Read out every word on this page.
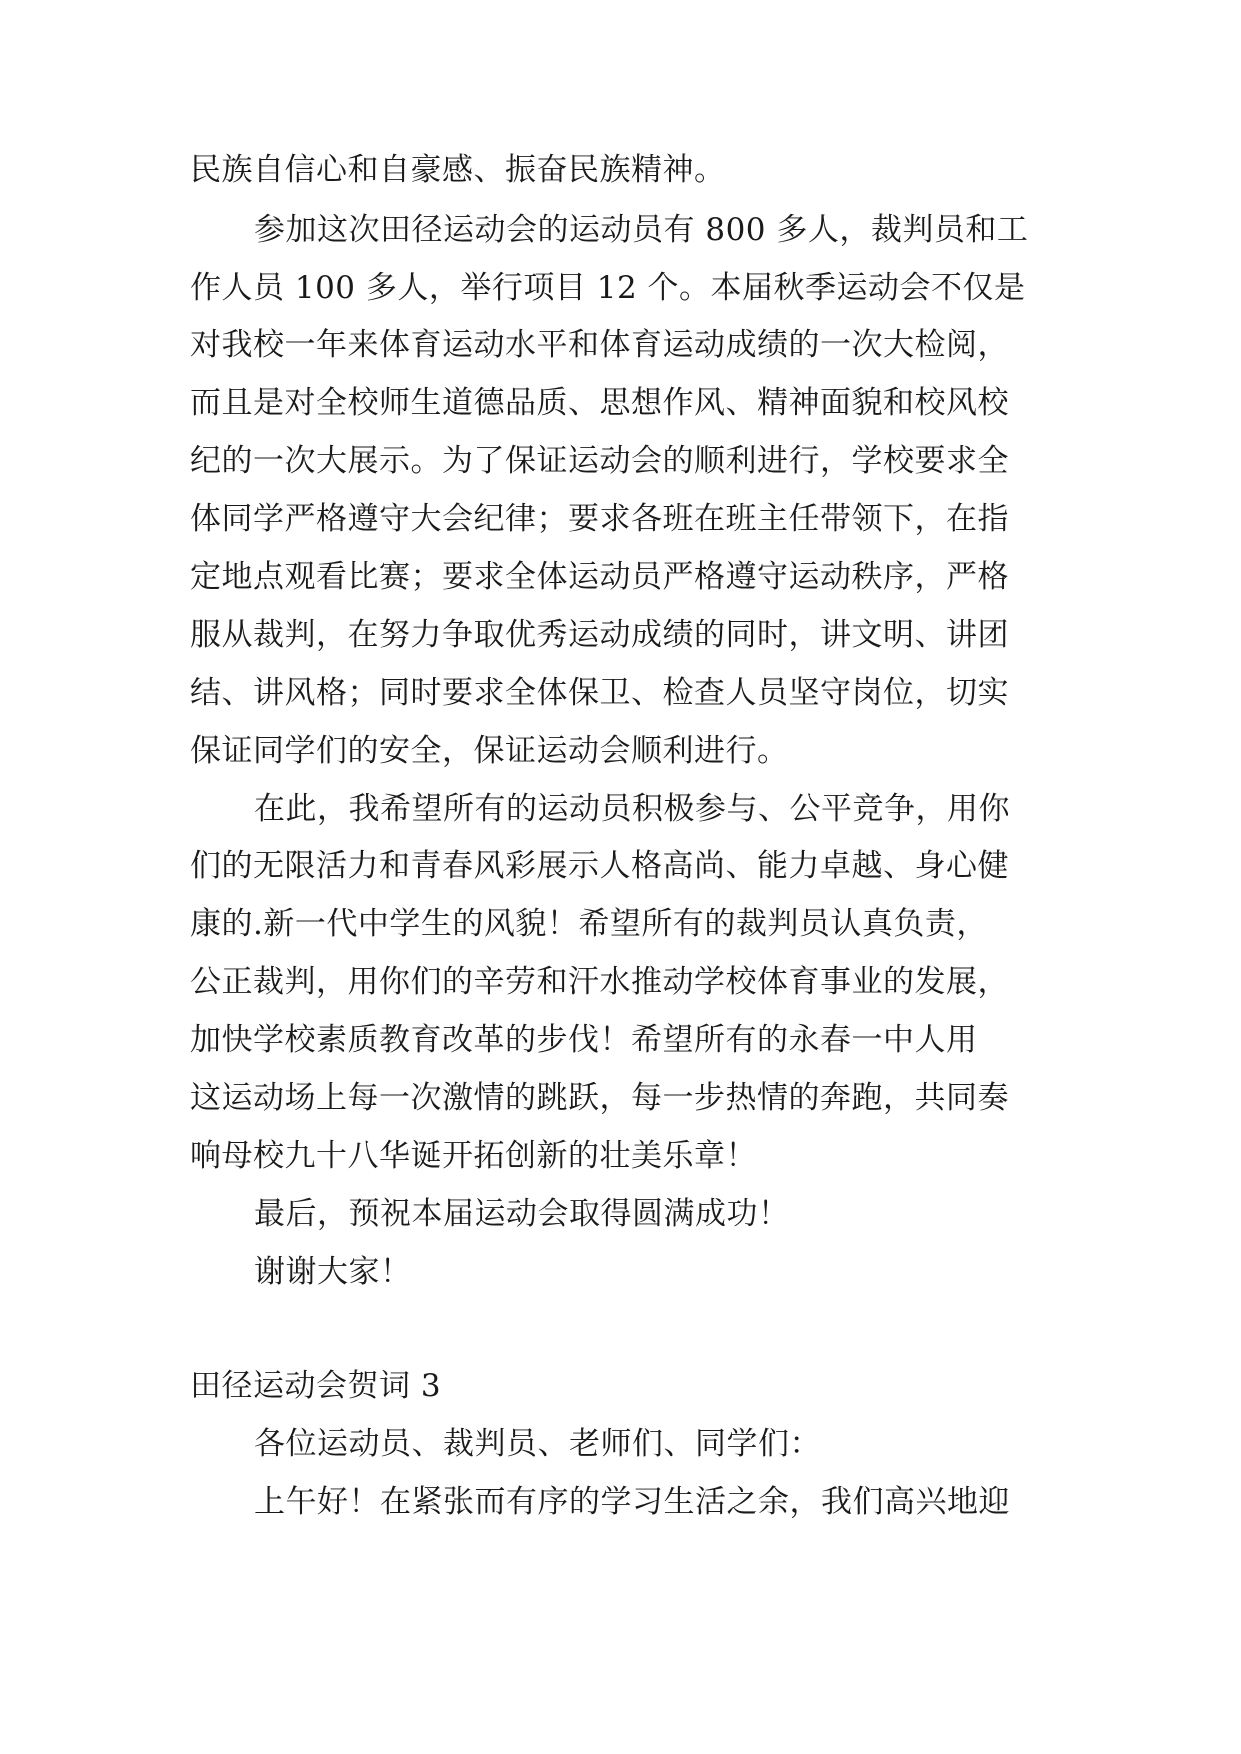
民族自信心和自豪感、振奋民族精神。
参加这次田径运动会的运动员有 800 多人，裁判员和工
作人员 100 多人，举行项目 12 个。本届秋季运动会不仅是
对我校一年来体育运动水平和体育运动成绩的一次大检阅，
而且是对全校师生道德品质、思想作风、精神面貌和校风校
纪的一次大展示。为了保证运动会的顺利进行，学校要求全
体同学严格遵守大会纪律；要求各班在班主任带领下，在指
定地点观看比赛；要求全体运动员严格遵守运动秩序，严格
服从裁判，在努力争取优秀运动成绩的同时，讲文明、讲团
结、讲风格；同时要求全体保卫、检查人员坚守岗位，切实
保证同学们的安全，保证运动会顺利进行。
在此，我希望所有的运动员积极参与、公平竞争，用你
们的无限活力和青春风彩展示人格高尚、能力卓越、身心健
康的.新一代中学生的风貌！希望所有的裁判员认真负责，
公正裁判，用你们的辛劳和汗水推动学校体育事业的发展，
加快学校素质教育改革的步伐！希望所有的永春一中人用
这运动场上每一次激情的跳跃，每一步热情的奔跑，共同奏
响母校九十八华诞开拓创新的壮美乐章！
最后，预祝本届运动会取得圆满成功！
谢谢大家！
田径运动会贺词 3
各位运动员、裁判员、老师们、同学们：
上午好！在紧张而有序的学习生活之余，我们高兴地迎
